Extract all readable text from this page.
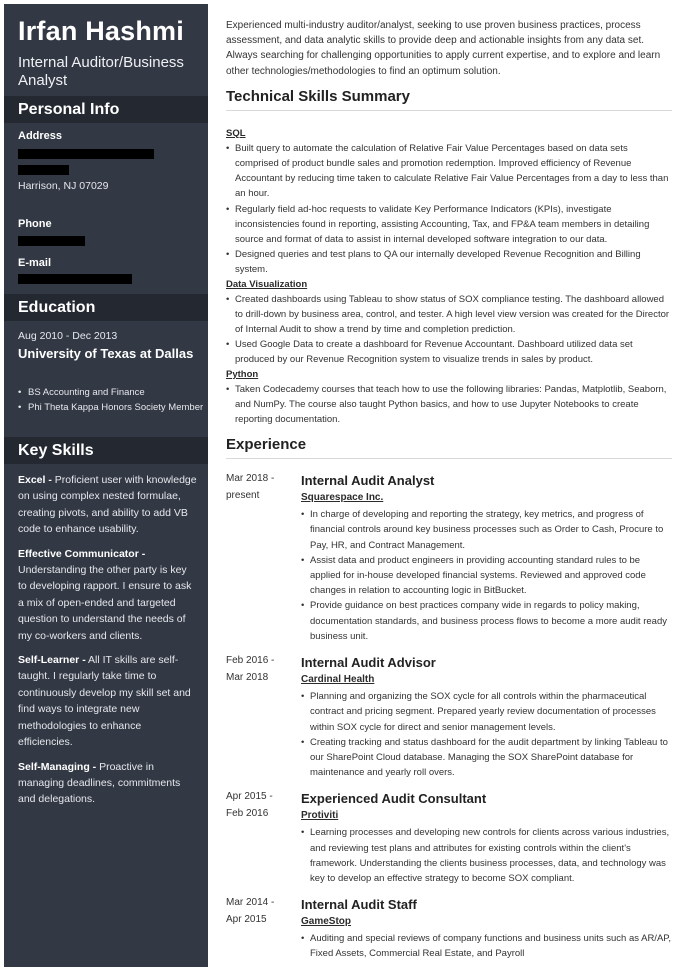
Irfan Hashmi
Internal Auditor/Business Analyst
Personal Info
Address
Harrison, NJ 07029
Phone
E-mail
Education
Aug 2010 - Dec 2013
University of Texas at Dallas
• BS Accounting and Finance
• Phi Theta Kappa Honors Society Member
Key Skills
Excel - Proficient user with knowledge on using complex nested formulae, creating pivots, and ability to add VB code to enhance usability.
Effective Communicator - Understanding the other party is key to developing rapport. I ensure to ask a mix of open-ended and targeted question to understand the needs of my co-workers and clients.
Self-Learner - All IT skills are self-taught. I regularly take time to continuously develop my skill set and find ways to integrate new methodologies to enhance efficiencies.
Self-Managing - Proactive in managing deadlines, commitments and delegations.

Experienced multi-industry auditor/analyst, seeking to use proven business practices, process assessment, and data analytic skills to provide deep and actionable insights from any data set. Always searching for challenging opportunities to apply current expertise, and to explore and learn other technologies/methodologies to find an optimum solution.

Technical Skills Summary
SQL
• Built query to automate the calculation of Relative Fair Value Percentages based on data sets comprised of product bundle sales and promotion redemption. Improved efficiency of Revenue Accountant by reducing time taken to calculate Relative Fair Value Percentages from a day to less than an hour.
• Regularly field ad-hoc requests to validate Key Performance Indicators (KPIs), investigate inconsistencies found in reporting, assisting Accounting, Tax, and FP&A team members in detailing source and format of data to assist in internal developed software integration to our data.
• Designed queries and test plans to QA our internally developed Revenue Recognition and Billing system.
Data Visualization
• Created dashboards using Tableau to show status of SOX compliance testing. The dashboard allowed to drill-down by business area, control, and tester. A high level view version was created for the Director of Internal Audit to show a trend by time and completion prediction.
• Used Google Data to create a dashboard for Revenue Accountant. Dashboard utilized data set produced by our Revenue Recognition system to visualize trends in sales by product.
Python
• Taken Codecademy courses that teach how to use the following libraries: Pandas, Matplotlib, Seaborn, and NumPy. The course also taught Python basics, and how to use Jupyter Notebooks to create reporting documentation.
Experience
Mar 2018 -
present
Internal Audit Analyst
Squarespace Inc.
• In charge of developing and reporting the strategy, key metrics, and progress of financial controls around key business processes such as Order to Cash, Procure to Pay, HR, and Contract Management.
• Assist data and product engineers in providing accounting standard rules to be applied for in-house developed financial systems. Reviewed and approved code changes in relation to accounting logic in BitBucket.
• Provide guidance on best practices company wide in regards to policy making, documentation standards, and business process flows to become a more audit ready business unit.
Feb 2016 -
Mar 2018
Internal Audit Advisor
Cardinal Health
• Planning and organizing the SOX cycle for all controls within the pharmaceutical contract and pricing segment. Prepared yearly review documentation of processes within SOX cycle for direct and senior management levels.
• Creating tracking and status dashboard for the audit department by linking Tableau to our SharePoint Cloud database. Managing the SOX SharePoint database for maintenance and yearly roll overs.
Apr 2015 -
Feb 2016
Experienced Audit Consultant
Protiviti
• Learning processes and developing new controls for clients across various industries, and reviewing test plans and attributes for existing controls within the client's framework. Understanding the clients business processes, data, and technology was key to develop an effective strategy to become SOX compliant.
Mar 2014 -
Apr 2015
Internal Audit Staff
GameStop
• Auditing and special reviews of company functions and business units such as AR/AP, Fixed Assets, Commercial Real Estate, and Payroll
